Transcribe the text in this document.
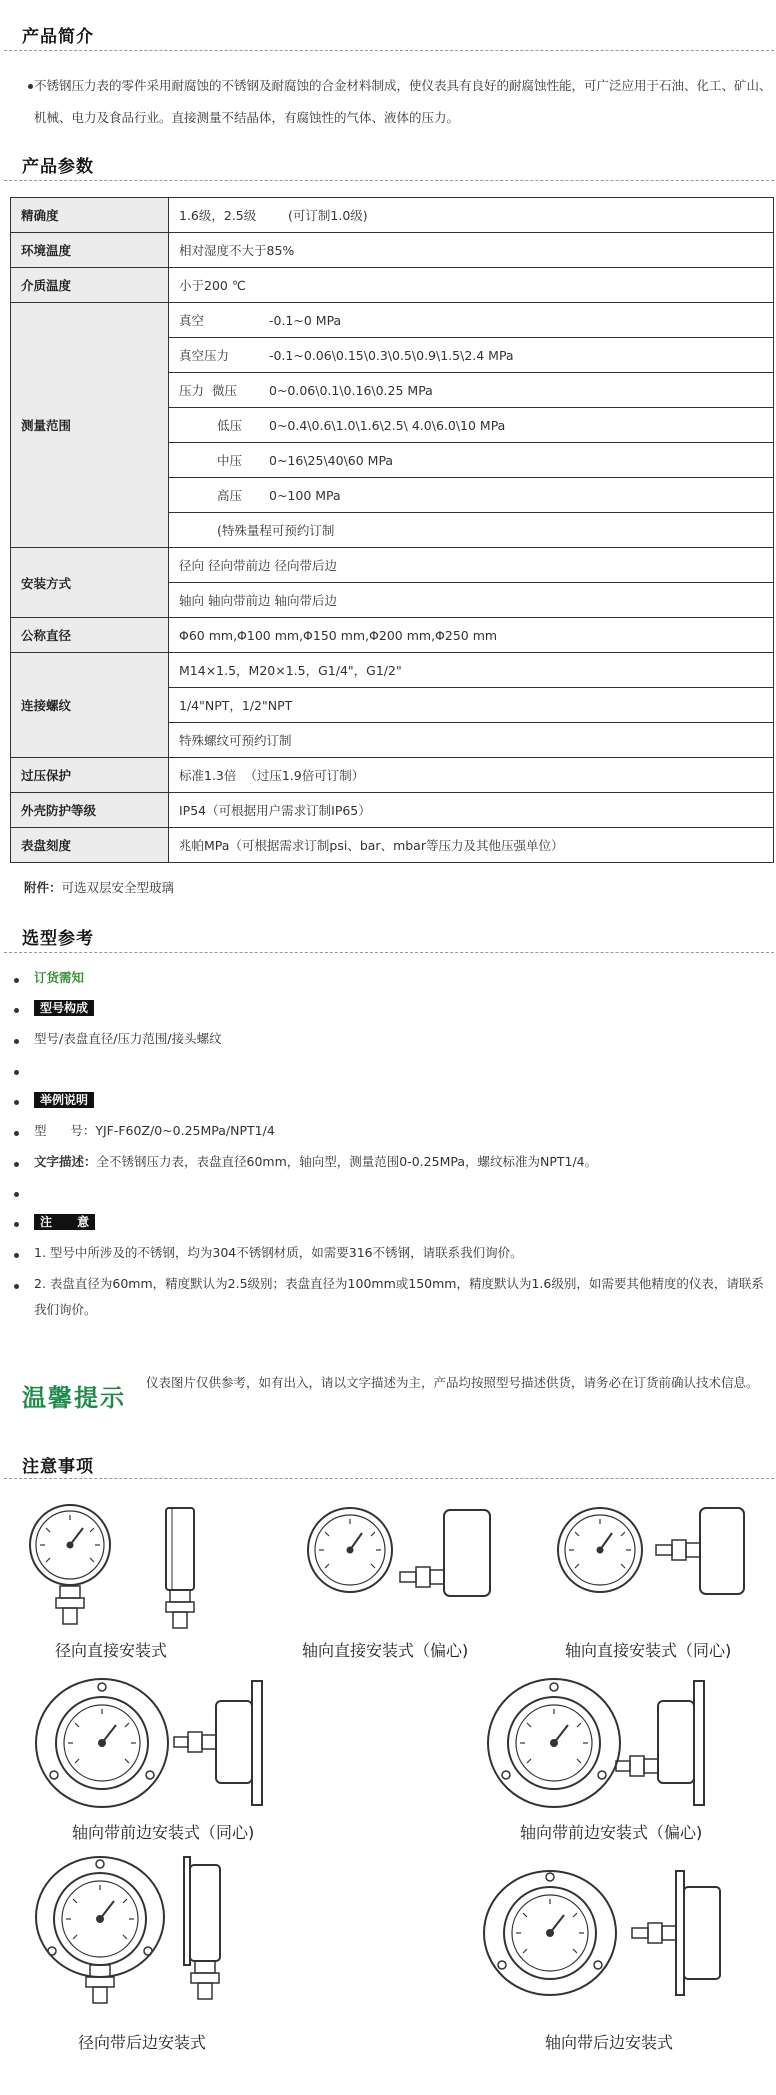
产品简介
不锈钢压力表的零件采用耐腐蚀的不锈钢及耐腐蚀的合金材料制成，使仪表具有良好的耐腐蚀性能，可广泛应用于石油、化工、矿山、机械、电力及食品行业。直接测量不结晶体，有腐蚀性的气体、液体的压力。
产品参数
精确度	1.6级，2.5级        (可订制1.0级)
环境温度	相对湿度不大于85%
介质温度	小于200 ℃
测量范围	真空 -0.1~0 MPa
	真空压力 -0.1~0.06\0.15\0.3\0.5\0.9\1.5\2.4 MPa
	压力  微压 0~0.06\0.1\0.16\0.25 MPa
	低压 0~0.4\0.6\1.0\1.6\2.5\ 4.0\6.0\10 MPa
	中压 0~16\25\40\60 MPa
	高压 0~100 MPa
	(特殊量程可预约订制
安装方式	径向 径向带前边 径向带后边
	轴向 轴向带前边 轴向带后边
公称直径	Φ60 mm,Φ100 mm,Φ150 mm,Φ200 mm,Φ250 mm
连接螺纹	M14×1.5，M20×1.5，G1/4"，G1/2"
	1/4"NPT，1/2"NPT
	特殊螺纹可预约订制
过压保护	标准1.3倍  （过压1.9倍可订制）
外壳防护等级	IP54（可根据用户需求订制IP65）
表盘刻度	兆帕MPa（可根据需求订制psi、bar、mbar等压力及其他压强单位）
附件：可选双层安全型玻璃
选型参考
订货需知
型号构成
型号/表盘直径/压力范围/接头螺纹
举例说明
型      号：YJF-F60Z/0~0.25MPa/NPT1/4
文字描述：全不锈钢压力表，表盘直径60mm，轴向型，测量范围0-0.25MPa，螺纹标准为NPT1/4。
注      意
1. 型号中所涉及的不锈钢，均为304不锈钢材质，如需要316不锈钢，请联系我们询价。
2. 表盘直径为60mm，精度默认为2.5级别；表盘直径为100mm或150mm，精度默认为1.6级别，如需要其他精度的仪表，请联系我们询价。
温馨提示
仪表图片仅供参考，如有出入，请以文字描述为主，产品均按照型号描述供货，请务必在订货前确认技术信息。
注意事项
径向直接安装式	轴向直接安装式（偏心)	轴向直接安装式（同心)
轴向带前边安装式（同心)	轴向带前边安装式（偏心)
径向带后边安装式	轴向带后边安装式
